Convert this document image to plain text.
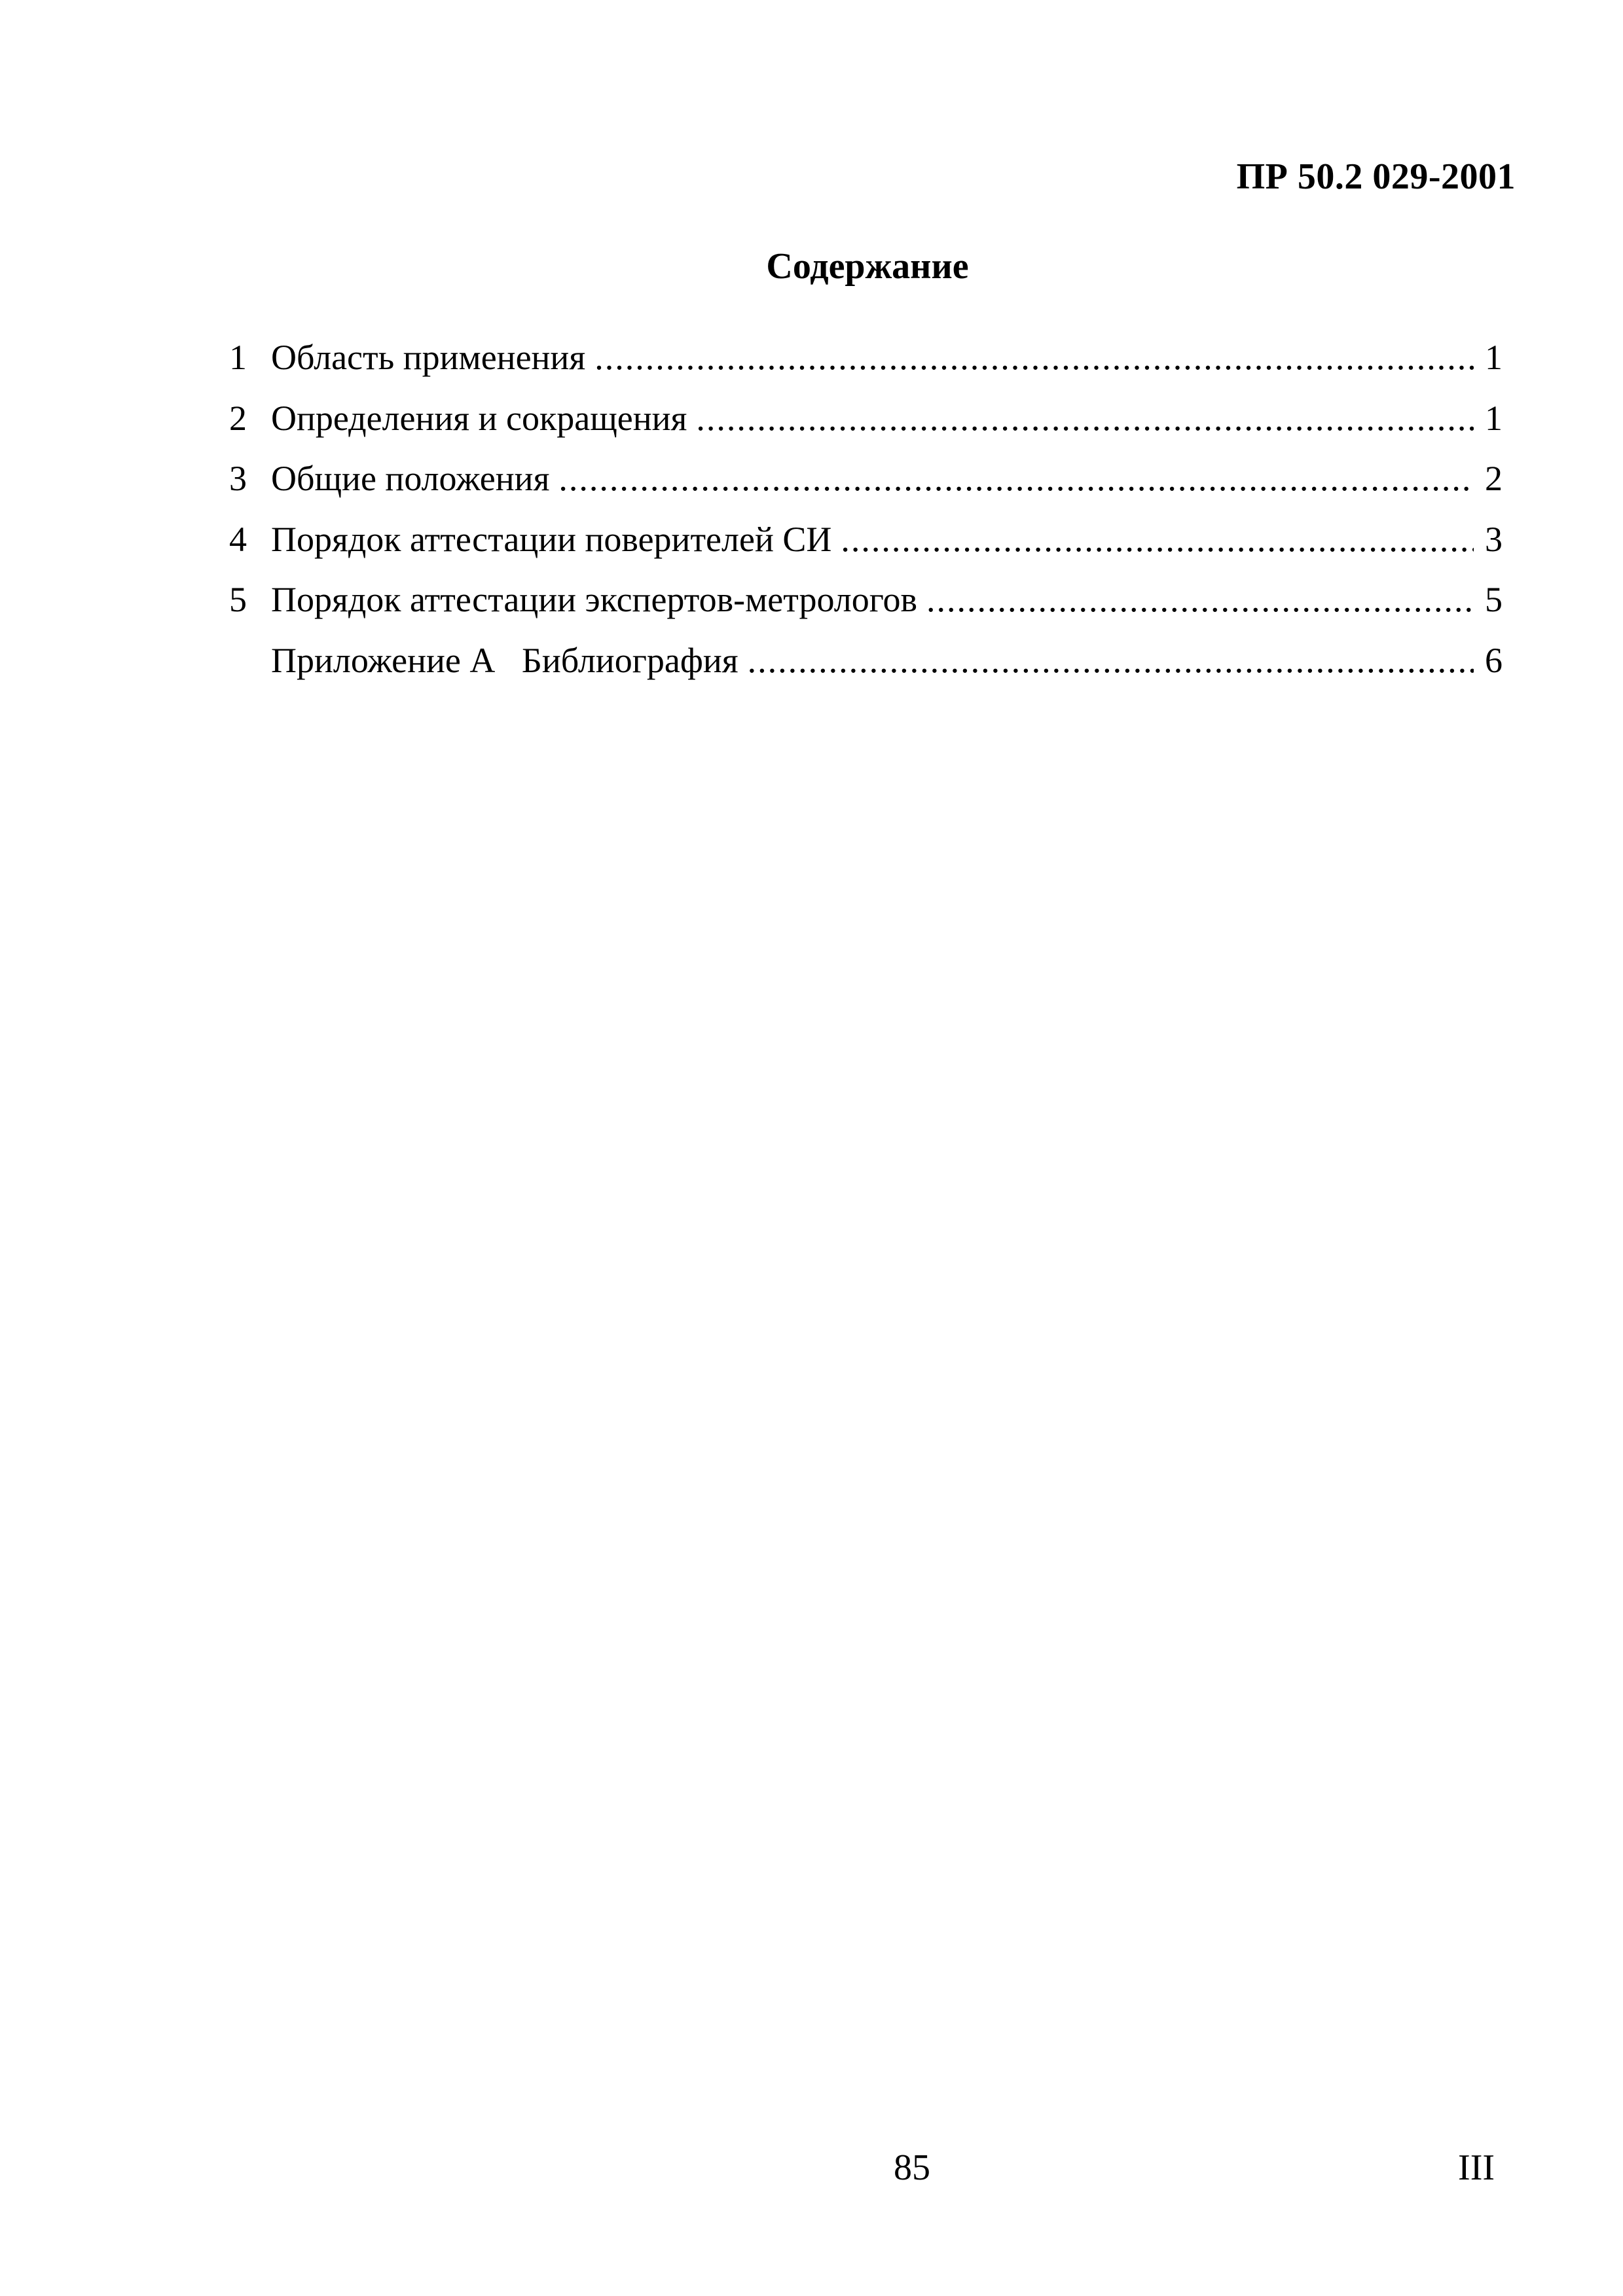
ПР 50.2 029-2001
Содержание
1 Область применения .....	1
2 Определения и сокращения .....	1
3 Общие положения .....	2
4 Порядок аттестации поверителей СИ .....	3
5 Порядок аттестации экспертов-метрологов .....	5
Приложение А   Библиография .....	6
85	III
